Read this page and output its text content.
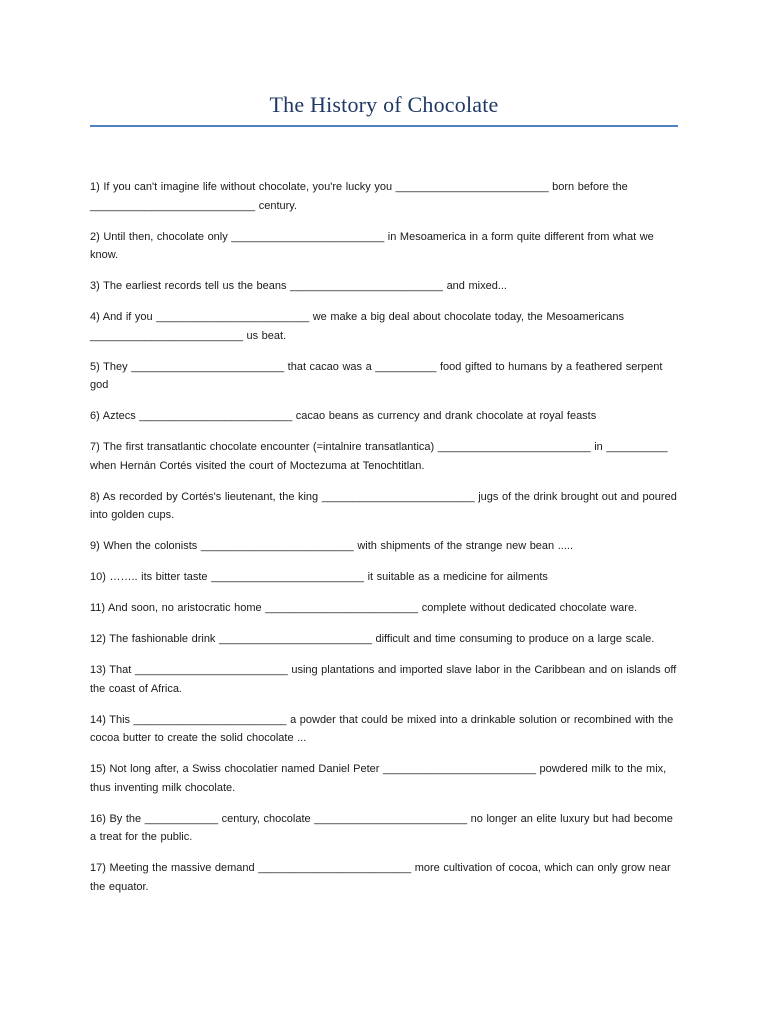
The History of Chocolate

1) If you can't imagine life without chocolate, you're lucky you _________________________ born before the ___________________________ century.

2) Until then, chocolate only _________________________ in Mesoamerica in a form quite different from what we know.

3) The earliest records tell us the beans _________________________ and mixed...

4) And if you _________________________ we make a big deal about chocolate today, the Mesoamericans _________________________ us beat.

5) They _________________________ that cacao was a __________ food gifted to humans by a feathered serpent god

6) Aztecs _________________________ cacao beans as currency and drank chocolate at royal feasts

7) The first transatlantic chocolate encounter (=intalnire transatlantica) _________________________ in __________ when Hernán Cortés visited the court of Moctezuma at Tenochtitlan.

8) As recorded by Cortés's lieutenant, the king _________________________ jugs of the drink brought out and poured into golden cups.

9) When the colonists _________________________ with shipments of the strange new bean .....

10) …….. its bitter taste _________________________ it suitable as a medicine for ailments

11) And soon, no aristocratic home _________________________ complete without dedicated chocolate ware.

12) The fashionable drink _________________________ difficult and time consuming to produce on a large scale.

13) That _________________________ using plantations and imported slave labor in the Caribbean and on islands off the coast of Africa.

14) This _________________________ a powder that could be mixed into a drinkable solution or recombined with the cocoa butter to create the solid chocolate ...

15) Not long after, a Swiss chocolatier named Daniel Peter _________________________ powdered milk to the mix, thus inventing milk chocolate.

16) By the ____________ century, chocolate _________________________ no longer an elite luxury but had become a treat for the public.

17) Meeting the massive demand _________________________ more cultivation of cocoa, which can only grow near the equator.
